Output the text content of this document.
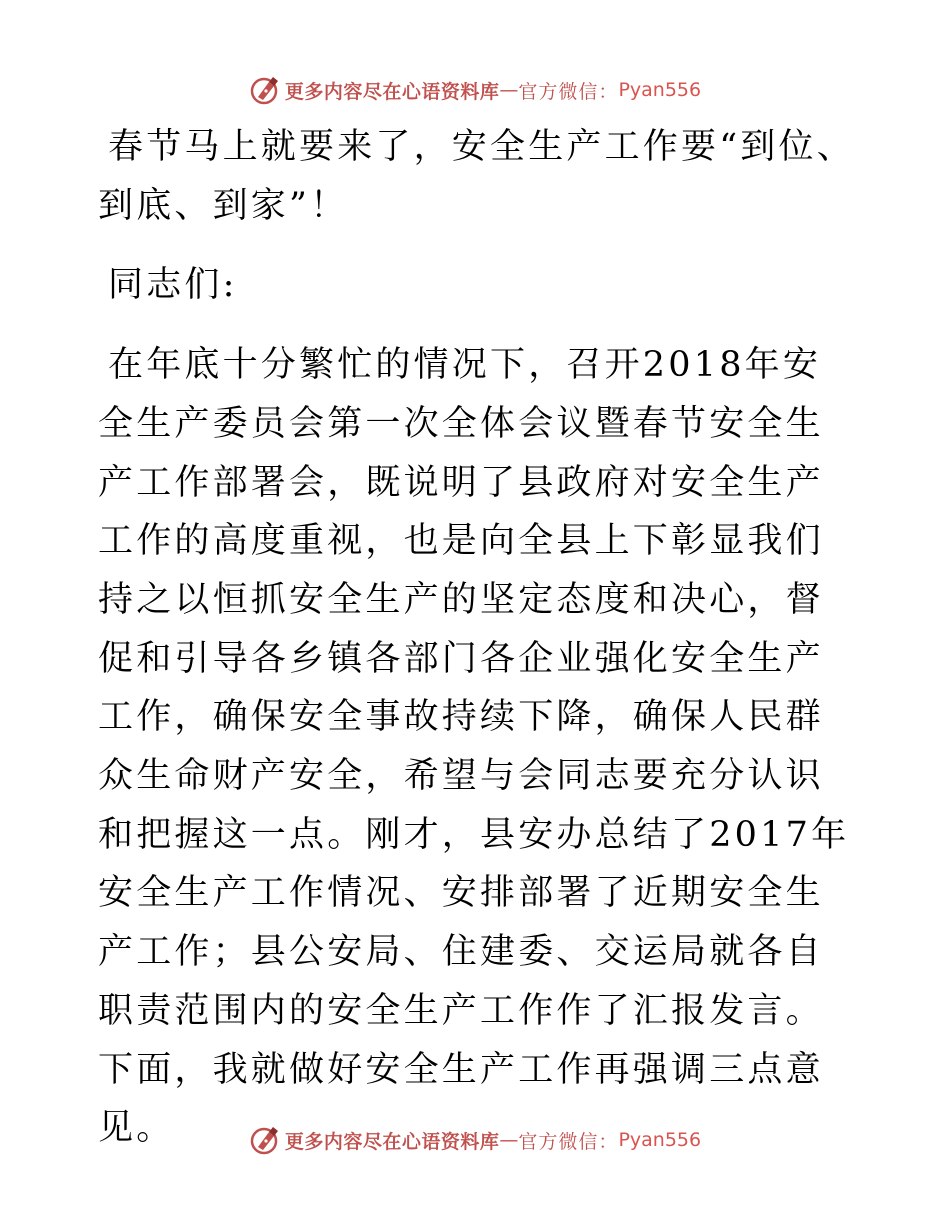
更多内容尽在心语资料库 — 官方微信： Pyan556

春节马上就要来了，安全生产工作要“到位、到底、到家”！

同志们:

在年底十分繁忙的情况下，召开2018年安全生产委员会第一次全体会议暨春节安全生产工作部署会，既说明了县政府对安全生产工作的高度重视，也是向全县上下彰显我们持之以恒抓安全生产的坚定态度和决心，督促和引导各乡镇各部门各企业强化安全生产工作，确保安全事故持续下降，确保人民群众生命财产安全，希望与会同志要充分认识和把握这一点。刚才，县安办总结了2017年安全生产工作情况、安排部署了近期安全生产工作；县公安局、住建委、交运局就各自职责范围内的安全生产工作作了汇报发言。下面，我就做好安全生产工作再强调三点意见。	更多内容尽在心语资料库 — 官方微信： Pyan556
